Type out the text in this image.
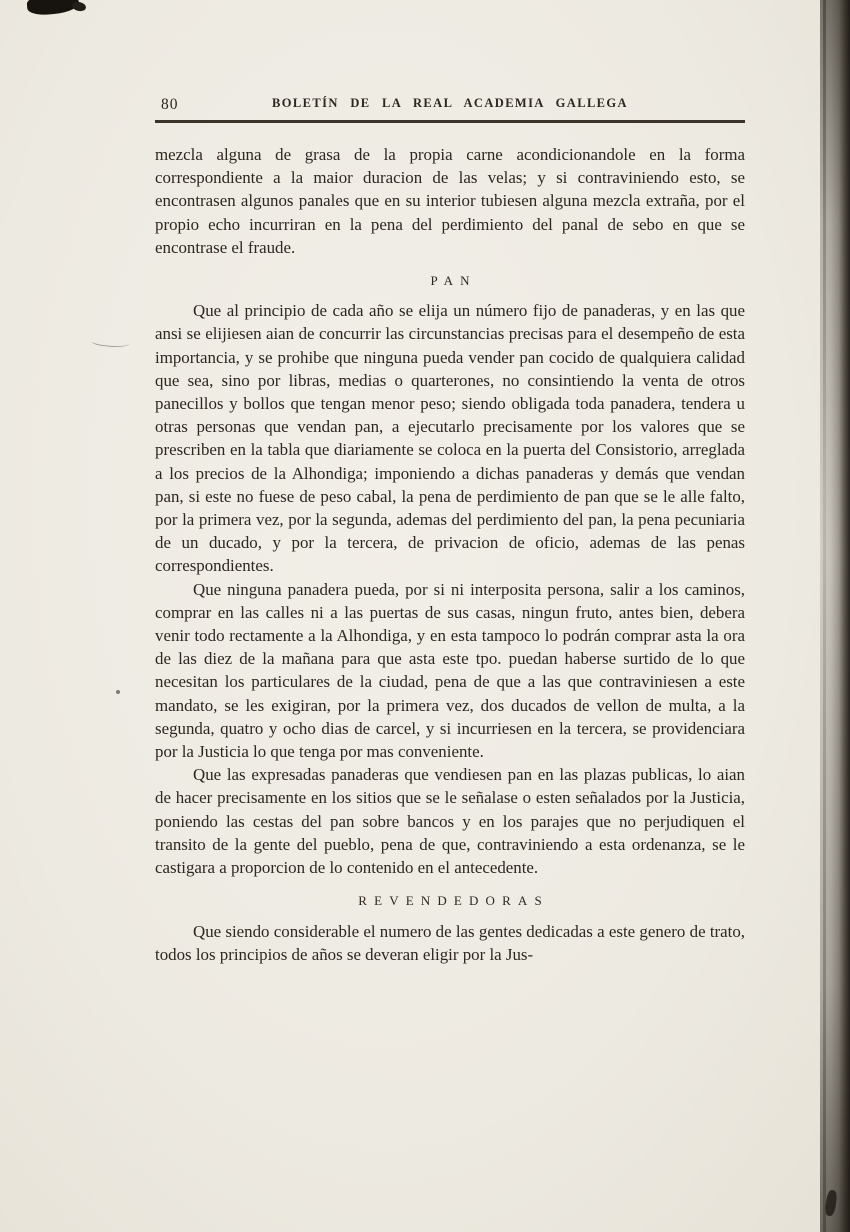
80	BOLETÍN DE LA REAL ACADEMIA GALLEGA

mezcla alguna de grasa de la propia carne acondicionandole en la forma correspondiente a la maior duracion de las velas; y si contraviniendo esto, se encontrasen algunos panales que en su interior tubiesen alguna mezcla extraña, por el propio echo incurriran en la pena del perdimiento del panal de sebo en que se encontrase el fraude.

PAN

Que al principio de cada año se elija un número fijo de panaderas, y en las que ansi se elijiesen aian de concurrir las circunstancias precisas para el desempeño de esta importancia, y se prohibe que ninguna pueda vender pan cocido de qualquiera calidad que sea, sino por libras, medias o quarterones, no consintiendo la venta de otros panecillos y bollos que tengan menor peso; siendo obligada toda panadera, tendera u otras personas que vendan pan, a ejecutarlo precisamente por los valores que se prescriben en la tabla que diariamente se coloca en la puerta del Consistorio, arreglada a los precios de la Alhondiga; imponiendo a dichas panaderas y demás que vendan pan, si este no fuese de peso cabal, la pena de perdimiento de pan que se le alle falto, por la primera vez, por la segunda, ademas del perdimiento del pan, la pena pecuniaria de un ducado, y por la tercera, de privacion de oficio, ademas de las penas correspondientes.

Que ninguna panadera pueda, por si ni interposita persona, salir a los caminos, comprar en las calles ni a las puertas de sus casas, ningun fruto, antes bien, debera venir todo rectamente a la Alhondiga, y en esta tampoco lo podrán comprar asta la ora de las diez de la mañana para que asta este tpo. puedan haberse surtido de lo que necesitan los particulares de la ciudad, pena de que a las que contraviniesen a este mandato, se les exigiran, por la primera vez, dos ducados de vellon de multa, a la segunda, quatro y ocho dias de carcel, y si incurriesen en la tercera, se providenciara por la Justicia lo que tenga por mas conveniente.

Que las expresadas panaderas que vendiesen pan en las plazas publicas, lo aian de hacer precisamente en los sitios que se le señalase o esten señalados por la Justicia, poniendo las cestas del pan sobre bancos y en los parajes que no perjudiquen el transito de la gente del pueblo, pena de que, contraviniendo a esta ordenanza, se le castigara a proporcion de lo contenido en el antecedente.

REVENDEDORAS

Que siendo considerable el numero de las gentes dedicadas a este genero de trato, todos los principios de años se deveran eligir por la Jus-
